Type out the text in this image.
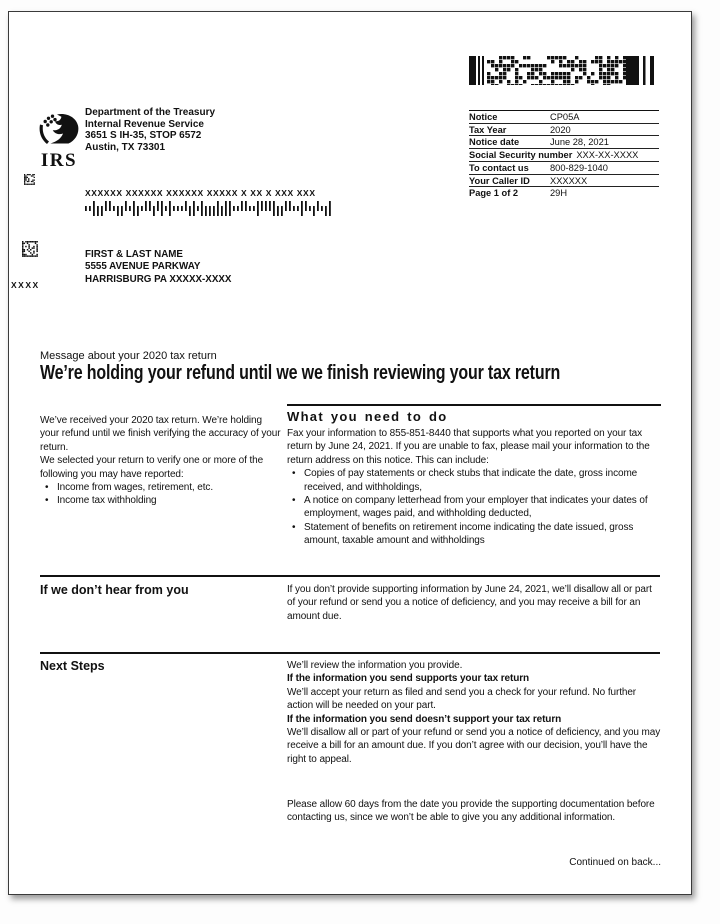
IRS
Department of the Treasury
Internal Revenue Service
3651 S IH-35, STOP 6572
Austin, TX 73301
Notice	CP05A
Tax Year	2020
Notice date	June 28, 2021
Social Security number XXX-XX-XXXX
To contact us	800-829-1040
Your Caller ID	XXXXXX
Page 1 of 2	29H
XXXXXX XXXXXX XXXXXX XXXXX X XX X XXX XXX
XXXX
FIRST & LAST NAME
5555 AVENUE PARKWAY
HARRISBURG PA XXXXX-XXXX
Message about your 2020 tax return
We’re holding your refund until we we finish reviewing your tax return

We’ve received your 2020 tax return. We’re holding your refund until we finish verifying the accuracy of your return.

We selected your return to verify one or more of the following you may have reported:

• Income from wages, retirement, etc.
• Income tax withholding
What you need to do
Fax your information to 855-851-8440 that supports what you reported on your tax return by June 24, 2021. If you are unable to fax, please mail your information to the return address on this notice. This can include:
• Copies of pay statements or check stubs that indicate the date, gross income received, and withholdings,
• A notice on company letterhead from your employer that indicates your dates of employment, wages paid, and withholding deducted,
• Statement of benefits on retirement income indicating the date issued, gross amount, taxable amount and withholdings
If we don’t hear from you	If you don’t provide supporting information by June 24, 2021, we’ll disallow all or part of your refund or send you a notice of deficiency, and you may receive a bill for an amount due.
Next Steps	We’ll review the information you provide.

If the information you send supports your tax return

We’ll accept your return as filed and send you a check for your refund. No further action will be needed on your part.

If the information you send doesn’t support your tax return

We’ll disallow all or part of your refund or send you a notice of deficiency, and you may receive a bill for an amount due. If you don’t agree with our decision, you’ll have the right to appeal.

Please allow 60 days from the date you provide the supporting documentation before contacting us, since we won’t be able to give you any additional information.
Continued on back...
